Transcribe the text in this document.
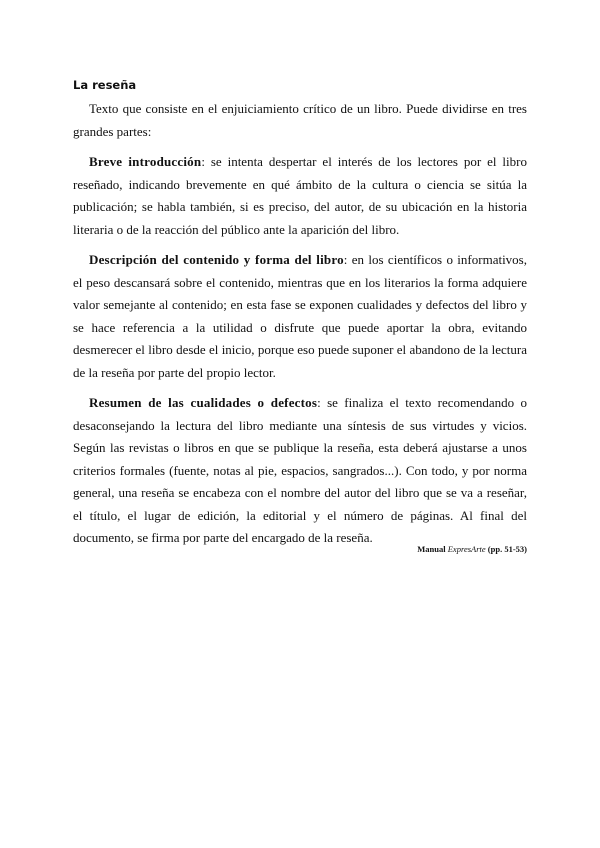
La reseña

Texto que consiste en el enjuiciamiento crítico de un libro. Puede dividirse en tres grandes partes:

Breve introducción: se intenta despertar el interés de los lectores por el libro reseñado, indicando brevemente en qué ámbito de la cultura o ciencia se sitúa la publicación; se habla también, si es preciso, del autor, de su ubicación en la historia literaria o de la reacción del público ante la aparición del libro.

Descripción del contenido y forma del libro: en los científicos o informativos, el peso descansará sobre el contenido, mientras que en los literarios la forma adquiere valor semejante al contenido; en esta fase se exponen cualidades y defectos del libro y se hace referencia a la utilidad o disfrute que puede aportar la obra, evitando desmerecer el libro desde el inicio, porque eso puede suponer el abandono de la lectura de la reseña por parte del propio lector.

Resumen de las cualidades o defectos: se finaliza el texto recomendando o desaconsejando la lectura del libro mediante una síntesis de sus virtudes y vicios. Según las revistas o libros en que se publique la reseña, esta deberá ajustarse a unos criterios formales (fuente, notas al pie, espacios, sangrados...). Con todo, y por norma general, una reseña se encabeza con el nombre del autor del libro que se va a reseñar, el título, el lugar de edición, la editorial y el número de páginas. Al final del documento, se firma por parte del encargado de la reseña.

Manual ExpresArte (pp. 51-53)
